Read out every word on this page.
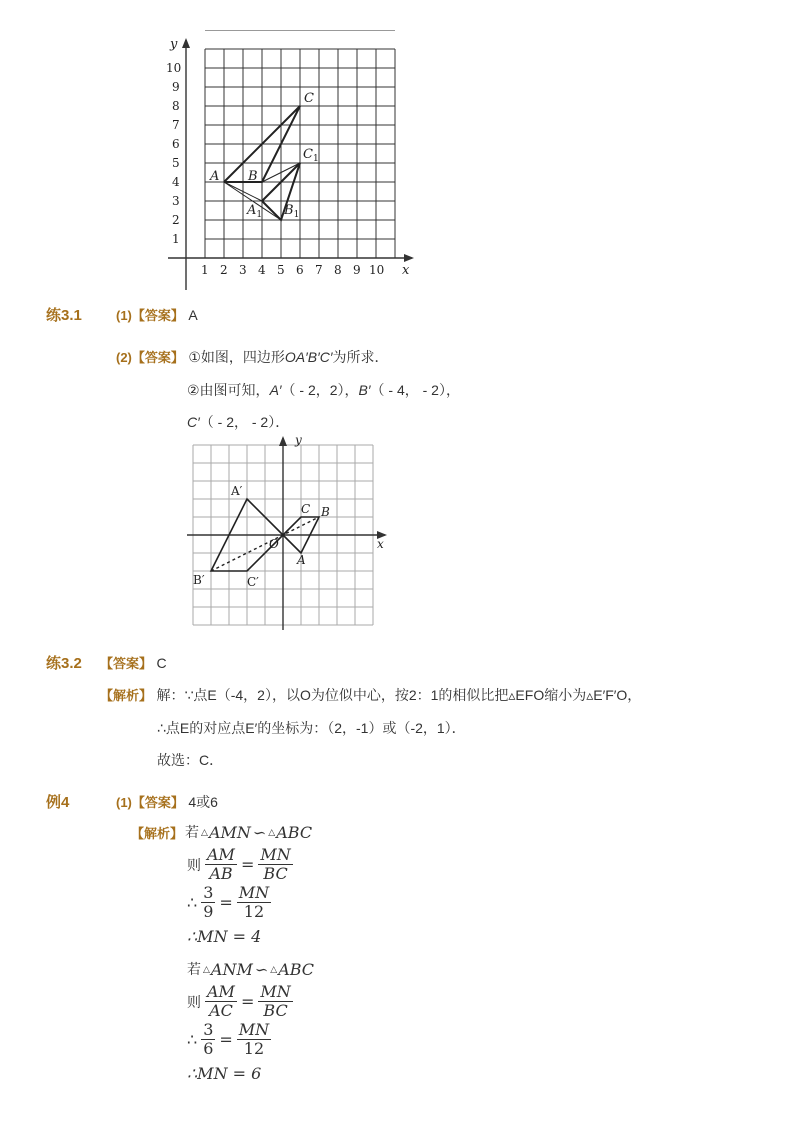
1 2 3 4 5 6 7 8 9 10
1
2
3
4
5
6
7
8
9
10
y
x
A B
C
$C_1$
$A_1$ $B_1$
练3.1	(1)【答案】 A
(2)【答案】 ①如图，四边形OA′B′C′为所求．
②由图可知，A′（ - 2，2），B′（ - 4， - 2），
C′（ - 2， - 2）．
y
x
A′
B′	C′
O
A
B
C
练3.2 【答案】 C
【解析】 解：∵点E（-4，2），以O为位似中心，按2：1的相似比把▵EFO缩小为▵E′F′O，
∴点E的对应点E′的坐标为：（2，-1）或（-2，1）．
故选：C．
例4	(1)【答案】 4或6
【解析】 若 △AMN ∽ △ABC
则 $\frac{AM}{AB} = \frac{MN}{BC}$
∴ $\frac{3}{9} = \frac{MN}{12}$
∴MN = 4
若 △ANM ∽ △ABC
则 $\frac{AM}{AC} = \frac{MN}{BC}$
∴ $\frac{3}{6} = \frac{MN}{12}$
∴MN = 6
